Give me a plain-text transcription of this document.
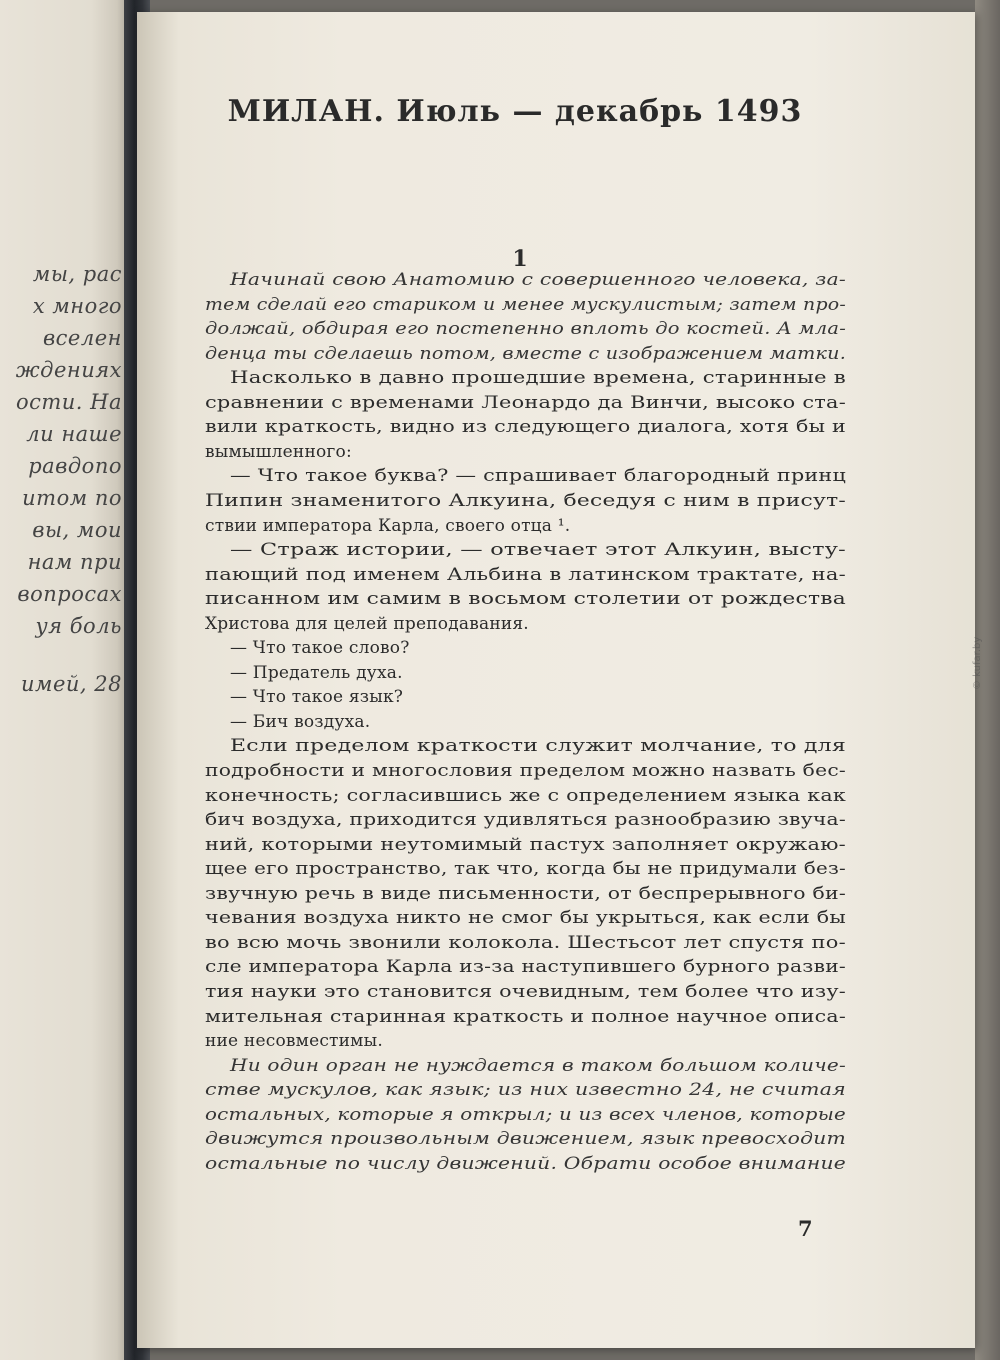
мы, рас
х много
вселен
ждениях
ости. На
ли наше
равдопо
итом по
вы, мои
нам при
вопросах
уя боль
имей, 28
МИЛАН. Июль — декабрь 1493
1
Начинай свою Анатомию с совершенного человека, за-
тем сделай его стариком и менее мускулистым; затем про-
должай, обдирая его постепенно вплоть до костей. А мла-
денца ты сделаешь потом, вместе с изображением матки.
Насколько в давно прошедшие времена, старинные в
сравнении с временами Леонардо да Винчи, высоко ста-
вили краткость, видно из следующего диалога, хотя бы и
вымышленного:
— Что такое буква? — спрашивает благородный принц
Пипин знаменитого Алкуина, беседуя с ним в присут-
ствии императора Карла, своего отца ¹.
— Страж истории, — отвечает этот Алкуин, высту-
пающий под именем Альбина в латинском трактате, на-
писанном им самим в восьмом столетии от рождества
Христова для целей преподавания.
— Что такое слово?
— Предатель духа.
— Что такое язык?
— Бич воздуха.
Если пределом краткости служит молчание, то для
подробности и многословия пределом можно назвать бес-
конечность; согласившись же с определением языка как
бич воздуха, приходится удивляться разнообразию звуча-
ний, которыми неутомимый пастух заполняет окружаю-
щее его пространство, так что, когда бы не придумали без-
звучную речь в виде письменности, от беспрерывного би-
чевания воздуха никто не смог бы укрыться, как если бы
во всю мочь звонили колокола. Шестьсот лет спустя по-
сле императора Карла из-за наступившего бурного разви-
тия науки это становится очевидным, тем более что изу-
мительная старинная краткость и полное научное описа-
ние несовместимы.
Ни один орган не нуждается в таком большом количе-
стве мускулов, как язык; из них известно 24, не считая
остальных, которые я открыл; и из всех членов, которые
движутся произвольным движением, язык превосходит
остальные по числу движений. Обрати особое внимание
7
© kufar.by
